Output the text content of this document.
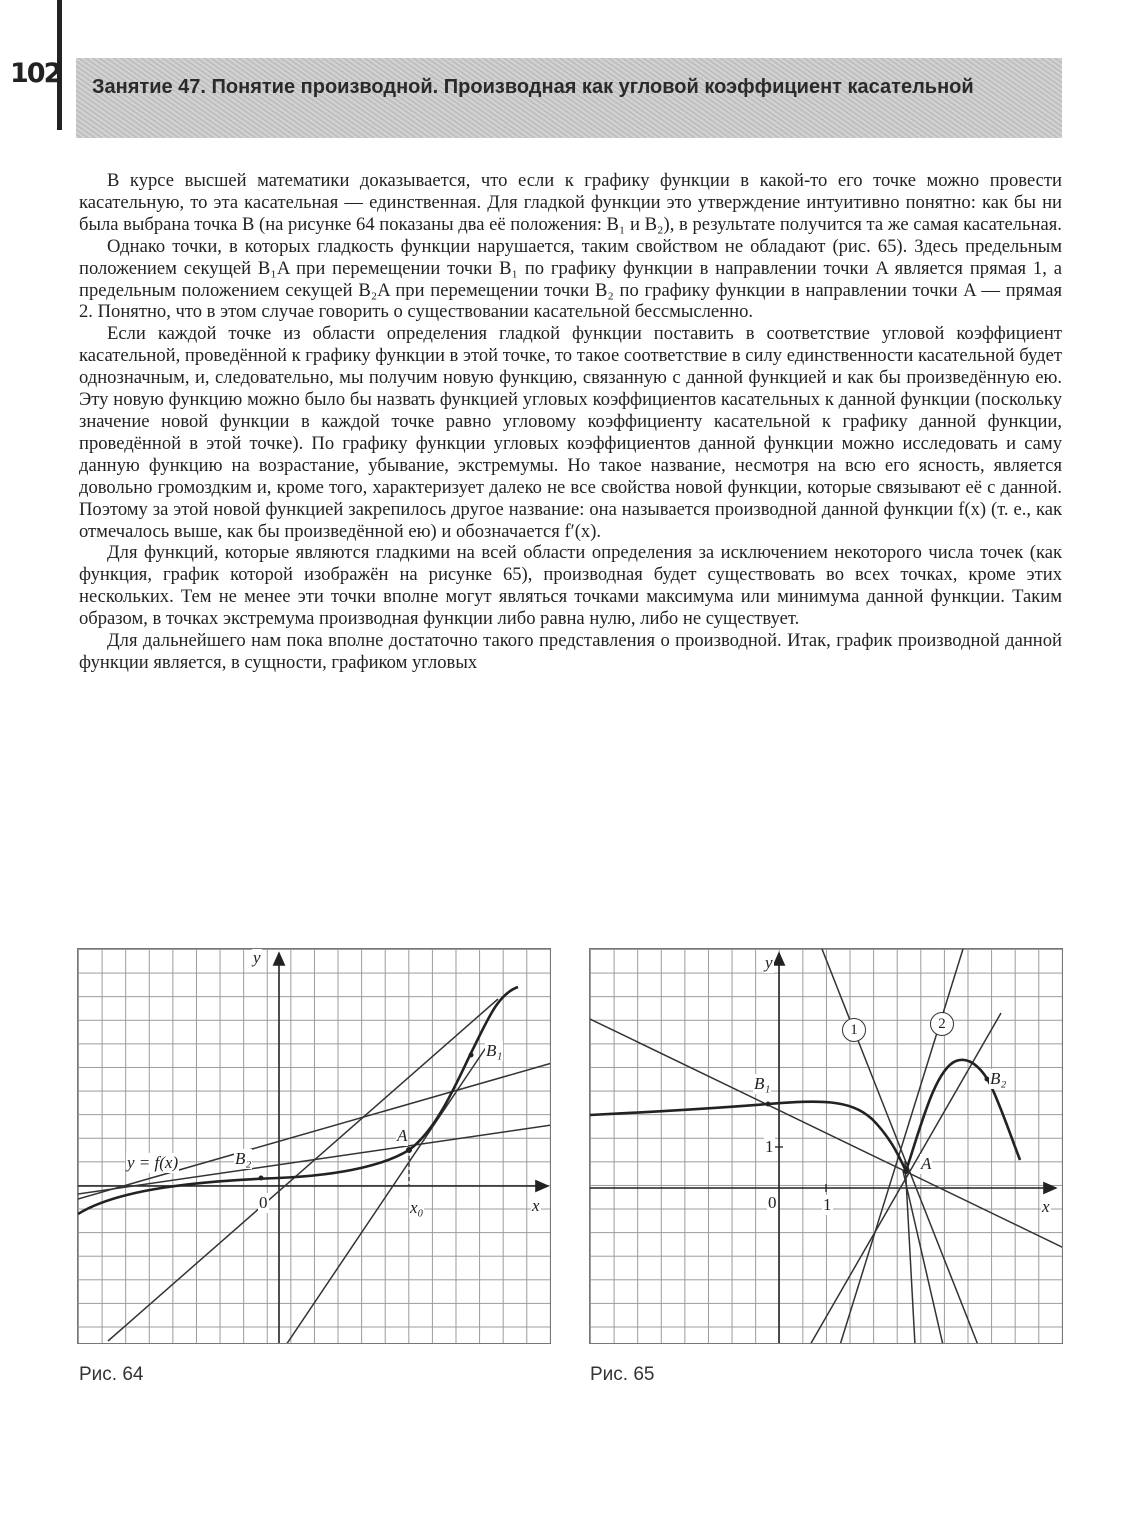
102 Занятие 47. Понятие производной. Производная как угловой коэффициент касательной

В курсе высшей математики доказывается, что если к графику функции в какой-то его точке можно провести касательную, то эта касательная — единственная. Для гладкой функции это утверждение интуитивно понятно: как бы ни была выбрана точка B (на рисунке 64 показаны два её положения: B₁ и B₂), в результате получится та же самая касательная.

Однако точки, в которых гладкость функции нарушается, таким свойством не обладают (рис. 65). Здесь предельным положением секущей B₁A при перемещении точки B₁ по графику функции в направлении точки A является прямая 1, а предельным положением секущей B₂A при перемещении точки B₂ по графику функции в направлении точки A — прямая 2. Понятно, что в этом случае говорить о существовании касательной бессмысленно.

Если каждой точке из области определения гладкой функции поставить в соответствие угловой коэффициент касательной, проведённой к графику функции в этой точке, то такое соответствие в силу единственности касательной будет однозначным, и, следовательно, мы получим новую функцию, связанную с данной функцией и как бы произведённую ею. Эту новую функцию можно было бы назвать функцией угловых коэффициентов касательных к данной функции (поскольку значение новой функции в каждой точке равно угловому коэффициенту касательной к графику данной функции, проведённой в этой точке). По графику функции угловых коэффициентов данной функции можно исследовать и саму данную функцию на возрастание, убывание, экстремумы. Но такое название, несмотря на всю его ясность, является довольно громоздким и, кроме того, характеризует далеко не все свойства новой функции, которые связывают её с данной. Поэтому за этой новой функцией закрепилось другое название: она называется производной данной функции f(x) (т. е., как отмечалось выше, как бы произведённой ею) и обозначается f′(x).

Для функций, которые являются гладкими на всей области определения за исключением некоторого числа точек (как функция, график которой изображён на рисунке 65), производная будет существовать во всех точках, кроме этих нескольких. Тем не менее эти точки вполне могут являться точками максимума или минимума данной функции. Таким образом, в точках экстремума производная функции либо равна нулю, либо не существует.

Для дальнейшего нам пока вполне достаточно такого представления о производной. Итак, график производной данной функции является, в сущности, графиком угловых

y
x
0	x₀
A
B₁
B₂
y = f(x)
y
x
0	1
1
A
B₁	B₂
1	2
Рис. 64	Рис. 65
